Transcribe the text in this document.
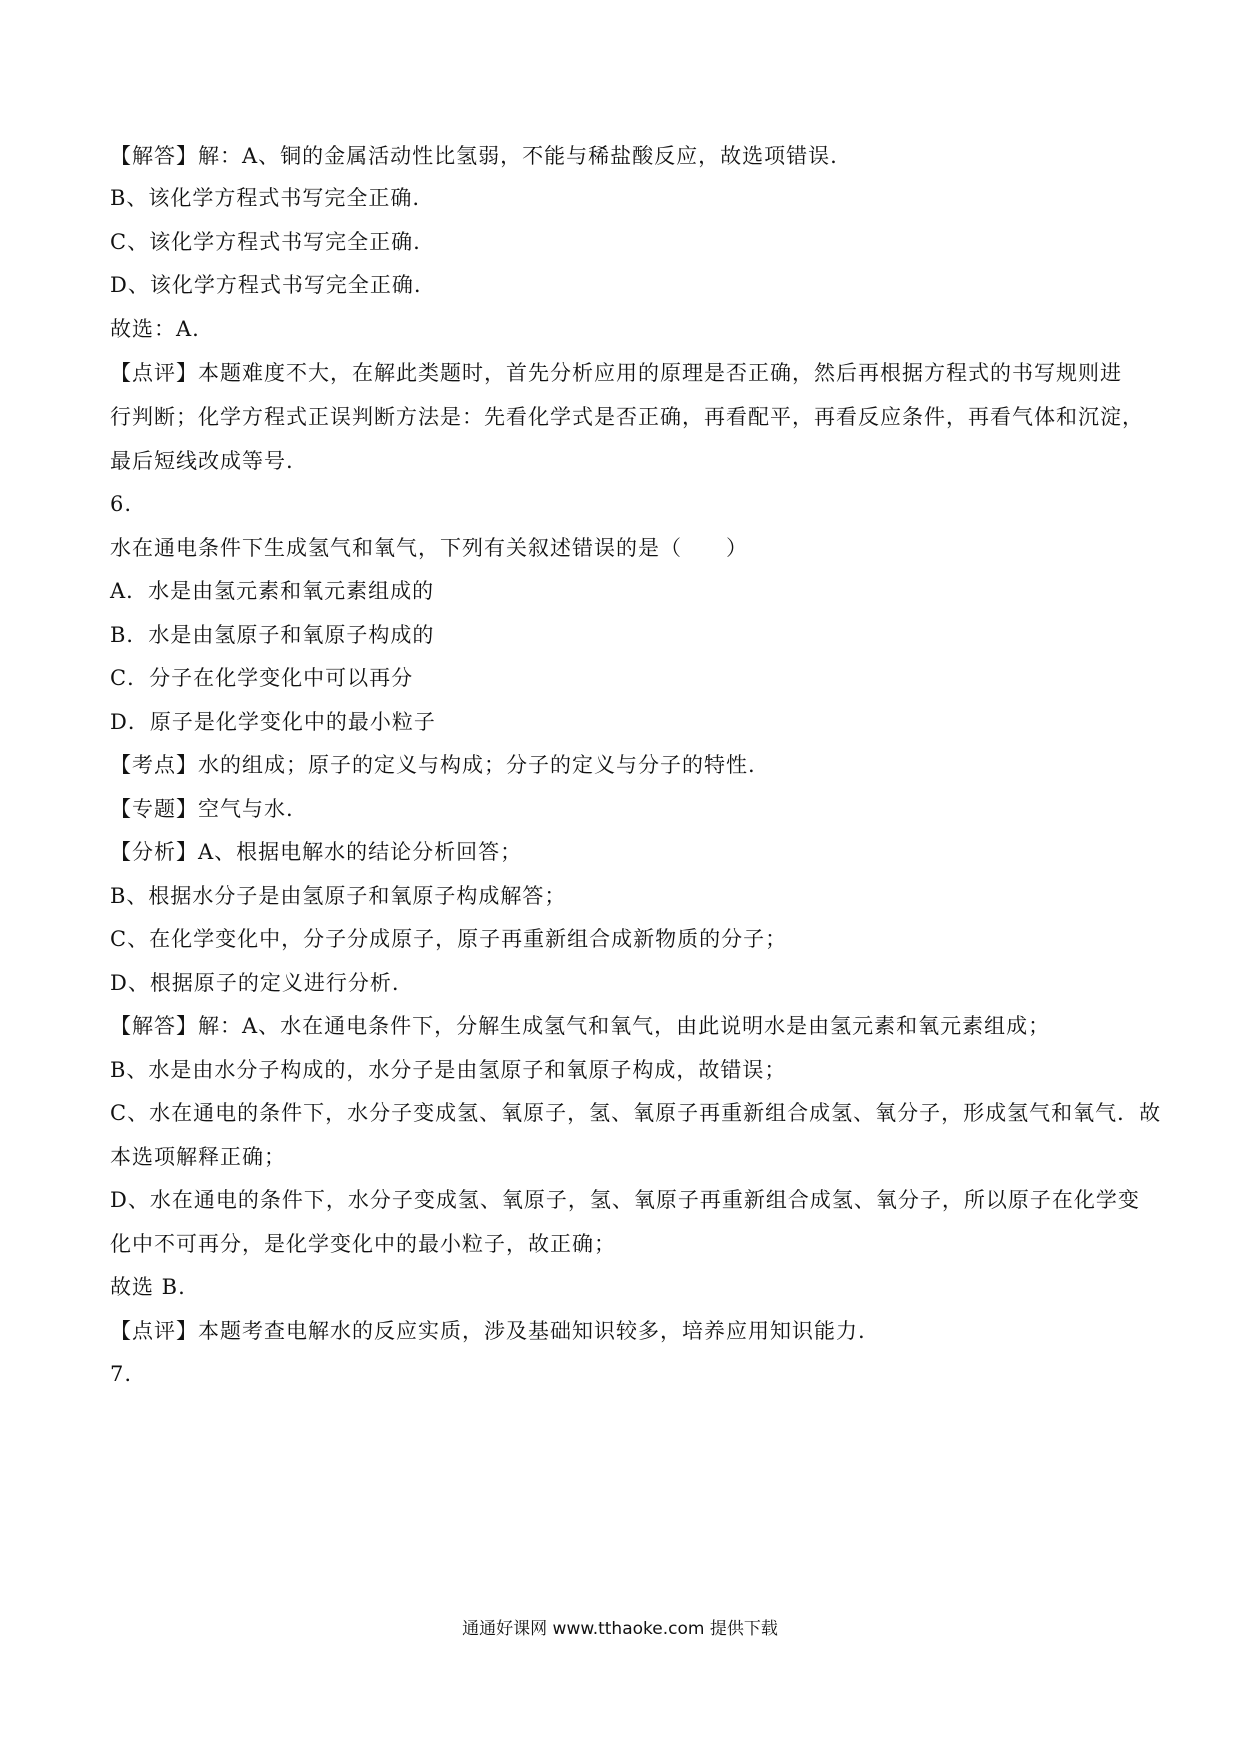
【解答】解：A、铜的金属活动性比氢弱，不能与稀盐酸反应，故选项错误.
B、该化学方程式书写完全正确.
C、该化学方程式书写完全正确.
D、该化学方程式书写完全正确.
故选：A.
【点评】本题难度不大，在解此类题时，首先分析应用的原理是否正确，然后再根据方程式的书写规则进
行判断；化学方程式正误判断方法是：先看化学式是否正确，再看配平，再看反应条件，再看气体和沉淀，
最后短线改成等号.
6.
水在通电条件下生成氢气和氧气，下列有关叙述错误的是（　　）
A．水是由氢元素和氧元素组成的
B．水是由氢原子和氧原子构成的
C．分子在化学变化中可以再分
D．原子是化学变化中的最小粒子
【考点】水的组成；原子的定义与构成；分子的定义与分子的特性.
【专题】空气与水.
【分析】A、根据电解水的结论分析回答；
B、根据水分子是由氢原子和氧原子构成解答；
C、在化学变化中，分子分成原子，原子再重新组合成新物质的分子；
D、根据原子的定义进行分析.
【解答】解：A、水在通电条件下，分解生成氢气和氧气，由此说明水是由氢元素和氧元素组成；
B、水是由水分子构成的，水分子是由氢原子和氧原子构成，故错误；
C、水在通电的条件下，水分子变成氢、氧原子，氢、氧原子再重新组合成氢、氧分子，形成氢气和氧气．故
本选项解释正确；
D、水在通电的条件下，水分子变成氢、氧原子，氢、氧原子再重新组合成氢、氧分子，所以原子在化学变
化中不可再分，是化学变化中的最小粒子，故正确；
故选 B.
【点评】本题考查电解水的反应实质，涉及基础知识较多，培养应用知识能力.
7.
通通好课网 www.tthaoke.com 提供下载
